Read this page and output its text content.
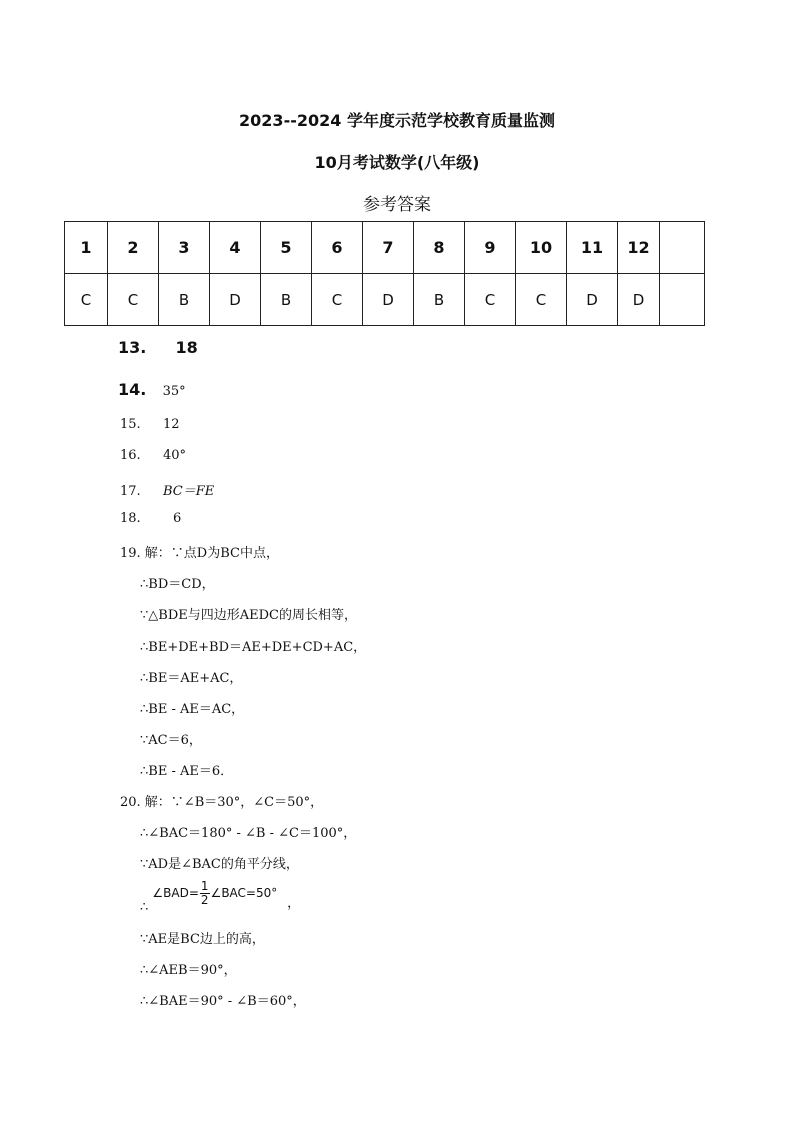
2023--2024 学年度示范学校教育质量监测
10月考试数学(八年级)
参考答案
1	2	3	4	5	6	7	8	9	10	11	12	
C	C	B	D	B	C	D	B	C	C	D	D	
13. 18
14. 35°
15. 12
16. 40°
17. BC＝FE
18. 6
19. 解：∵点D为BC中点，
∴BD＝CD，
∵△BDE与四边形AEDC的周长相等，
∴BE+DE+BD＝AE+DE+CD+AC，
∴BE＝AE+AC，
∴BE - AE＝AC，
∵AC＝6，
∴BE - AE＝6．
20. 解：∵∠B＝30°，∠C＝50°，
∴∠BAC＝180° - ∠B - ∠C＝100°，
∵AD是∠BAC的角平分线，
∴ ∠BAD= $\frac{1}{2}$ ∠BAC=50° ，
∵AE是BC边上的高，
∴∠AEB＝90°，
∴∠BAE＝90° - ∠B＝60°，
